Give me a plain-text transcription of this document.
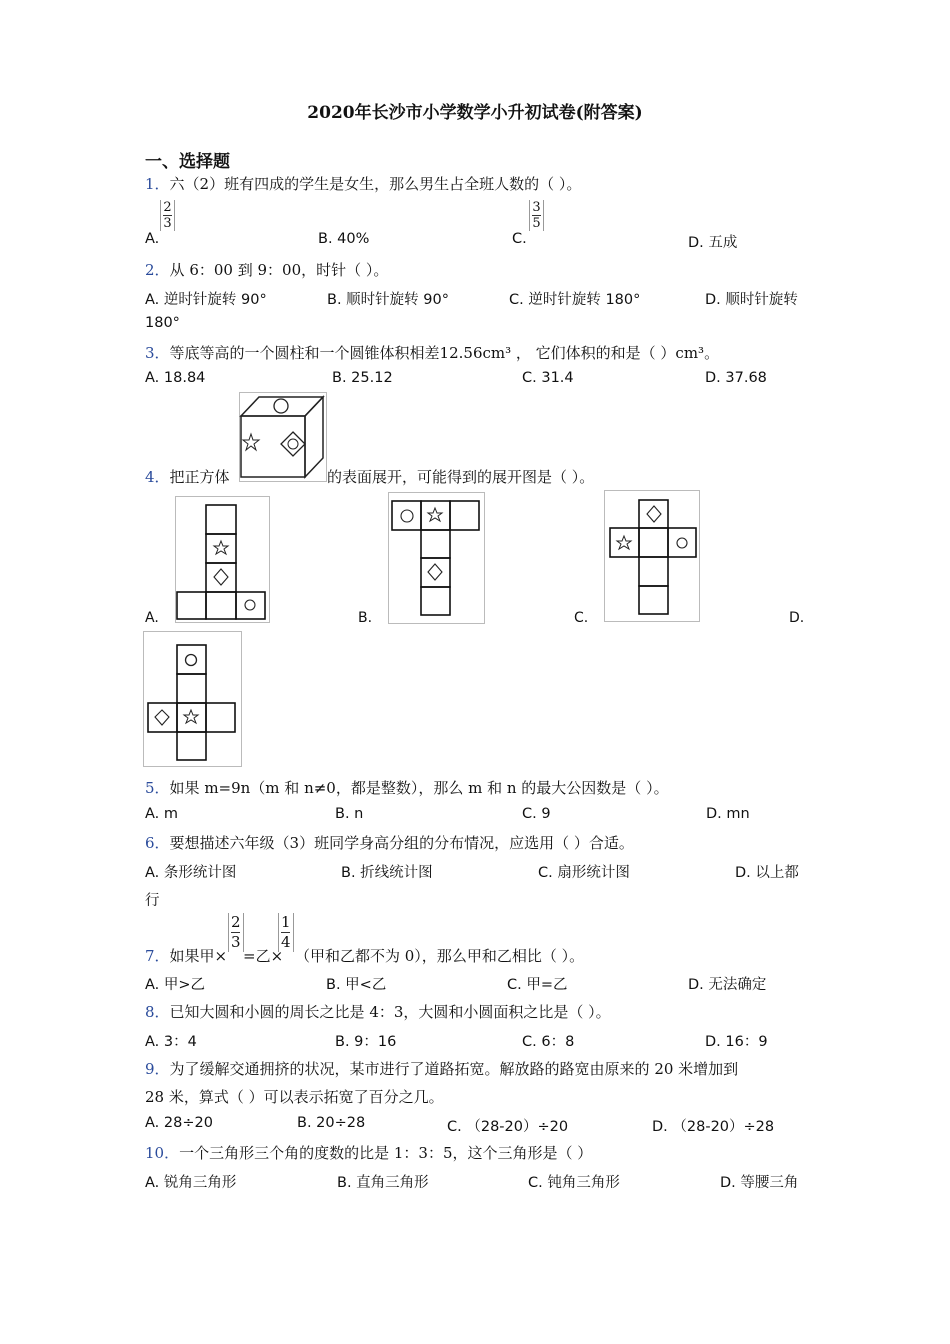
2020年长沙市小学数学小升初试卷(附答案)
一、选择题
1．六（2）班有四成的学生是女生，那么男生占全班人数的（ ）。
A.
2
3
B. 40%	C.
3
5
D. 五成
2．从 6：00 到 9：00，时针（ ）。
A. 逆时针旋转 90°	B. 顺时针旋转 90°	C. 逆时针旋转 180°	D. 顺时针旋转
180°
3．等底等高的一个圆柱和一个圆锥体积相差12.56cm³ ， 它们体积的和是（ ）cm³。
A. 18.84	B. 25.12	C. 31.4	D. 37.68
4．把正方体	的表面展开，可能得到的展开图是（ ）。
A.	B.	C.	D.
5．如果 m=9n（m 和 n≠0，都是整数），那么 m 和 n 的最大公因数是（ ）。
A. m	B. n	C. 9	D. mn
6．要想描述六年级（3）班同学身高分组的分布情况，应选用（ ）合适。
A. 条形统计图	B. 折线统计图	C. 扇形统计图	D. 以上都
行
7．如果甲×
2
3
=乙×
1
4
（甲和乙都不为 0），那么甲和乙相比（ ）。
A. 甲>乙	B. 甲<乙	C. 甲=乙	D. 无法确定
8．已知大圆和小圆的周长之比是 4：3，大圆和小圆面积之比是（ ）。
A. 3：4	B. 9：16	C. 6：8	D. 16：9
9．为了缓解交通拥挤的状况，某市进行了道路拓宽。解放路的路宽由原来的 20 米增加到
28 米，算式（ ）可以表示拓宽了百分之几。
A. 28÷20	B. 20÷28	C. （28-20）÷20	D. （28-20）÷28
10．一个三角形三个角的度数的比是 1：3：5，这个三角形是（ ）
A. 锐角三角形	B. 直角三角形	C. 钝角三角形	D. 等腰三角
